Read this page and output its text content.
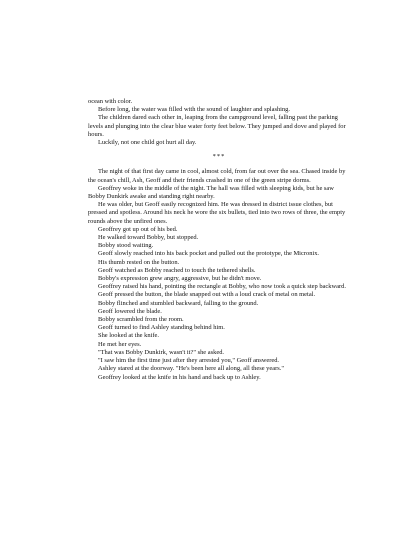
ocean with color.

Before long, the water was filled with the sound of laughter and splashing.

The children dared each other in, leaping from the campground level, falling past the parking levels and plunging into the clear blue water forty feet below. They jumped and dove and played for hours.

Luckily, not one child got hurt all day.

***

The night of that first day came in cool, almost cold, from far out over the sea. Chased inside by the ocean's chill, Ash, Geoff and their friends crashed in one of the green stripe dorms.

Geoffrey woke in the middle of the night. The hall was filled with sleeping kids, but he saw Bobby Dunkirk awake and standing right nearby.

He was older, but Geoff easily recognized him. He was dressed in district issue clothes, but pressed and spotless. Around his neck he wore the six bullets, tied into two rows of three, the empty rounds above the unfired ones.

Geoffrey got up out of his bed.

He walked toward Bobby, but stopped.

Bobby stood waiting.

Geoff slowly reached into his back pocket and pulled out the prototype, the Micronix.

His thumb rested on the button.

Geoff watched as Bobby reached to touch the tethered shells.

Bobby's expression grew angry, aggressive, but he didn't move.

Geoffrey raised his hand, pointing the rectangle at Bobby, who now took a quick step backward.

Geoff pressed the button, the blade snapped out with a loud crack of metal on metal.

Bobby flinched and stumbled backward, falling to the ground.

Geoff lowered the blade.

Bobby scrambled from the room.

Geoff turned to find Ashley standing behind him.

She looked at the knife.

He met her eyes.

"That was Bobby Dunkirk, wasn't it?" she asked.

"I saw him the first time just after they arrested you," Geoff answered.

Ashley stared at the doorway. "He's been here all along, all these years."

Geoffrey looked at the knife in his hand and back up to Ashley.
